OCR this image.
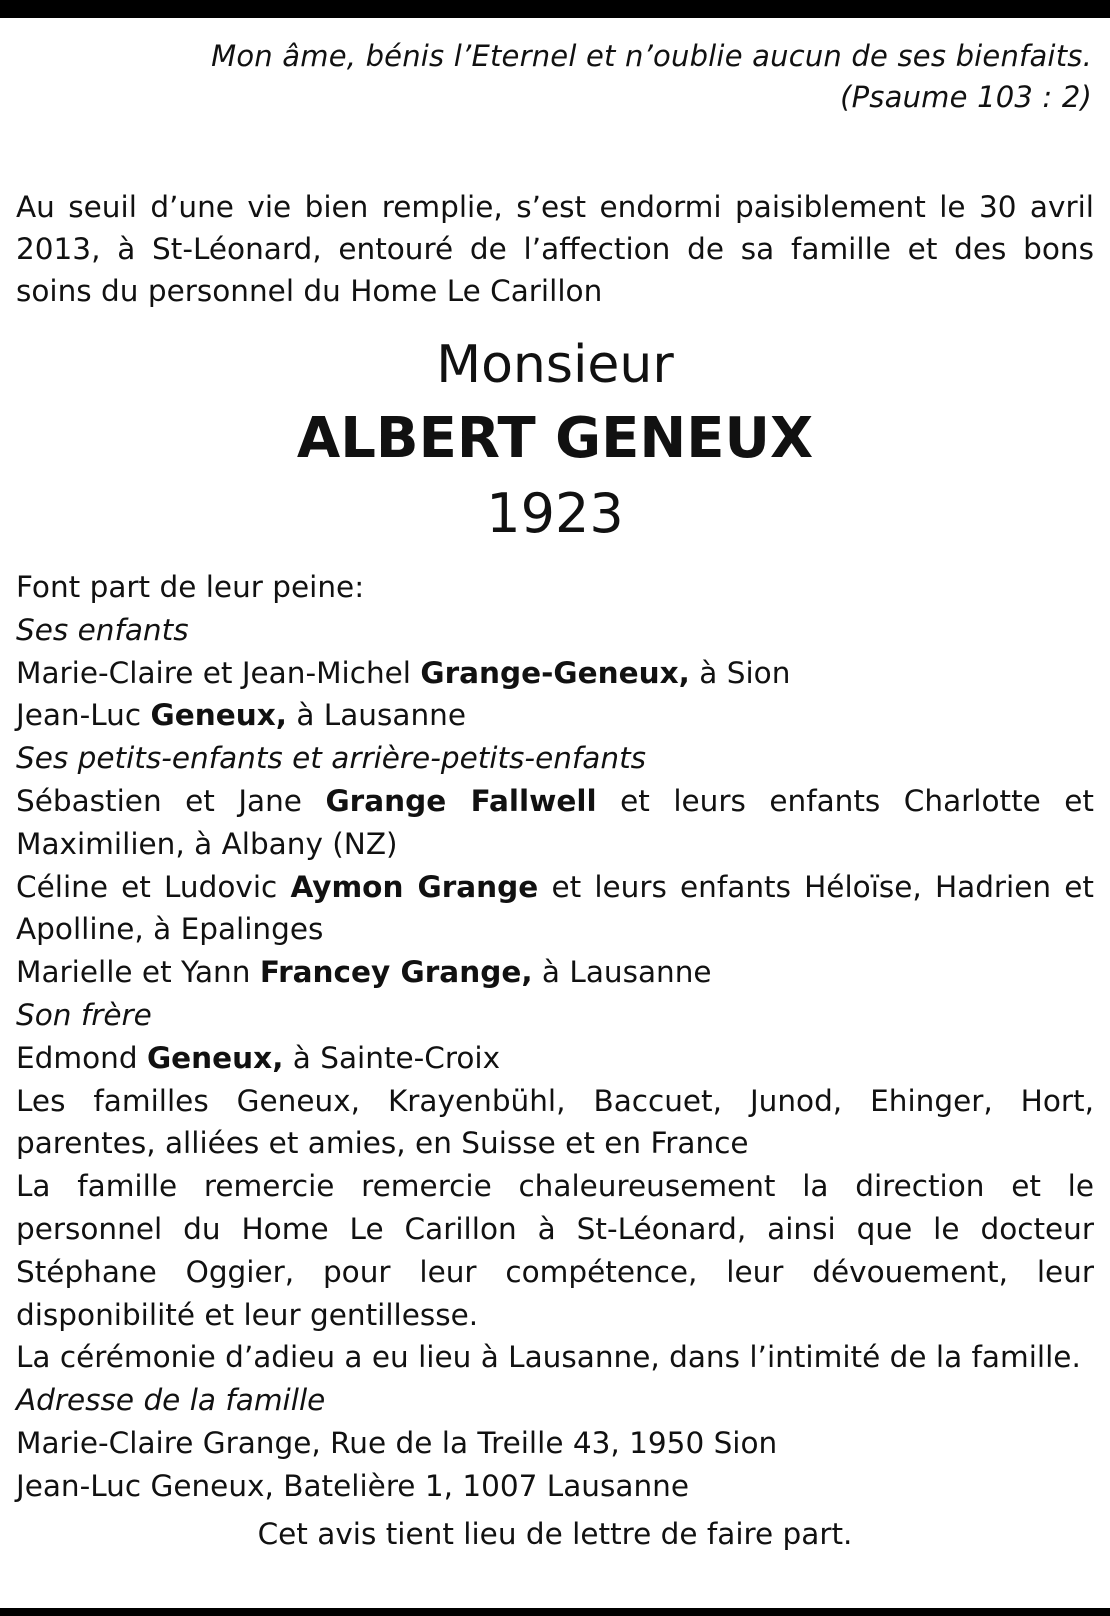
Mon âme, bénis l’Eternel et n’oublie aucun de ses bienfaits.
(Psaume 103 : 2)
Au seuil d’une vie bien remplie, s’est endormi paisiblement le 30 avril 2013, à St-Léonard, entouré de l’affection de sa famille et des bons soins du personnel du Home Le Carillon
Monsieur
ALBERT GENEUX
1923
Font part de leur peine:
Ses enfants
Marie-Claire et Jean-Michel Grange-Geneux, à Sion
Jean-Luc Geneux, à Lausanne
Ses petits-enfants et arrière-petits-enfants
Sébastien et Jane Grange Fallwell et leurs enfants Charlotte et Maximilien, à Albany (NZ)
Céline et Ludovic Aymon Grange et leurs enfants Héloïse, Hadrien et Apolline, à Epalinges
Marielle et Yann Francey Grange, à Lausanne
Son frère
Edmond Geneux, à Sainte-Croix
Les familles Geneux, Krayenbühl, Baccuet, Junod, Ehinger, Hort, parentes, alliées et amies, en Suisse et en France
La famille remercie remercie chaleureusement la direction et le personnel du Home Le Carillon à St-Léonard, ainsi que le docteur Stéphane Oggier, pour leur compétence, leur dévouement, leur disponibilité et leur gentillesse.
La cérémonie d’adieu a eu lieu à Lausanne, dans l’intimité de la famille.
Adresse de la famille
Marie-Claire Grange, Rue de la Treille 43, 1950 Sion
Jean-Luc Geneux, Batelière 1, 1007 Lausanne
Cet avis tient lieu de lettre de faire part.
